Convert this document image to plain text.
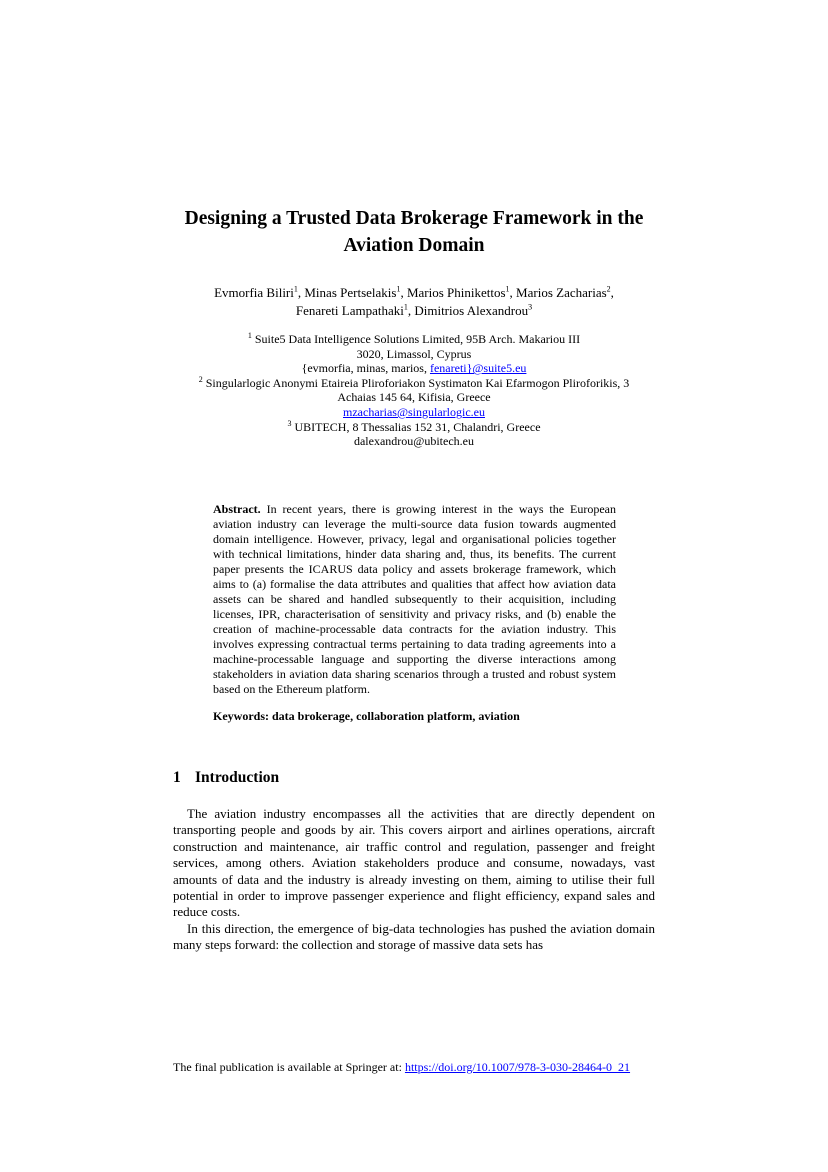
Designing a Trusted Data Brokerage Framework in the
Aviation Domain
Evmorfia Biliri$^1$, Minas Pertselakis$^1$, Marios Phinikettos$^1$, Marios Zacharias$^2$,
Fenareti Lampathaki$^1$, Dimitrios Alexandrou$^3$
$^1$ Suite5 Data Intelligence Solutions Limited, 95B Arch. Makariou III
3020, Limassol, Cyprus
{evmorfia, minas, marios, fenareti}@suite5.eu
$^2$ Singularlogic Anonymi Etaireia Pliroforiakon Systimaton Kai Efarmogon Pliroforikis, 3
Achaias 145 64, Kifisia, Greece
mzacharias@singularlogic.eu
$^3$ UBITECH, 8 Thessalias 152 31, Chalandri, Greece
dalexandrou@ubitech.eu
Abstract. In recent years, there is growing interest in the ways the European aviation industry can leverage the multi-source data fusion towards augmented domain intelligence. However, privacy, legal and organisational policies together with technical limitations, hinder data sharing and, thus, its benefits. The current paper presents the ICARUS data policy and assets brokerage framework, which aims to (a) formalise the data attributes and qualities that affect how aviation data assets can be shared and handled subsequently to their acquisition, including licenses, IPR, characterisation of sensitivity and privacy risks, and (b) enable the creation of machine-processable data contracts for the aviation industry. This involves expressing contractual terms pertaining to data trading agreements into a machine-processable language and supporting the diverse interactions among stakeholders in aviation data sharing scenarios through a trusted and robust system based on the Ethereum platform.
Keywords: data brokerage, collaboration platform, aviation
1 Introduction

The aviation industry encompasses all the activities that are directly dependent on transporting people and goods by air. This covers airport and airlines operations, aircraft construction and maintenance, air traffic control and regulation, passenger and freight services, among others. Aviation stakeholders produce and consume, nowadays, vast amounts of data and the industry is already investing on them, aiming to utilise their full potential in order to improve passenger experience and flight efficiency, expand sales and reduce costs.

In this direction, the emergence of big-data technologies has pushed the aviation domain many steps forward: the collection and storage of massive data sets has

The final publication is available at Springer at: https://doi.org/10.1007/978-3-030-28464-0_21
